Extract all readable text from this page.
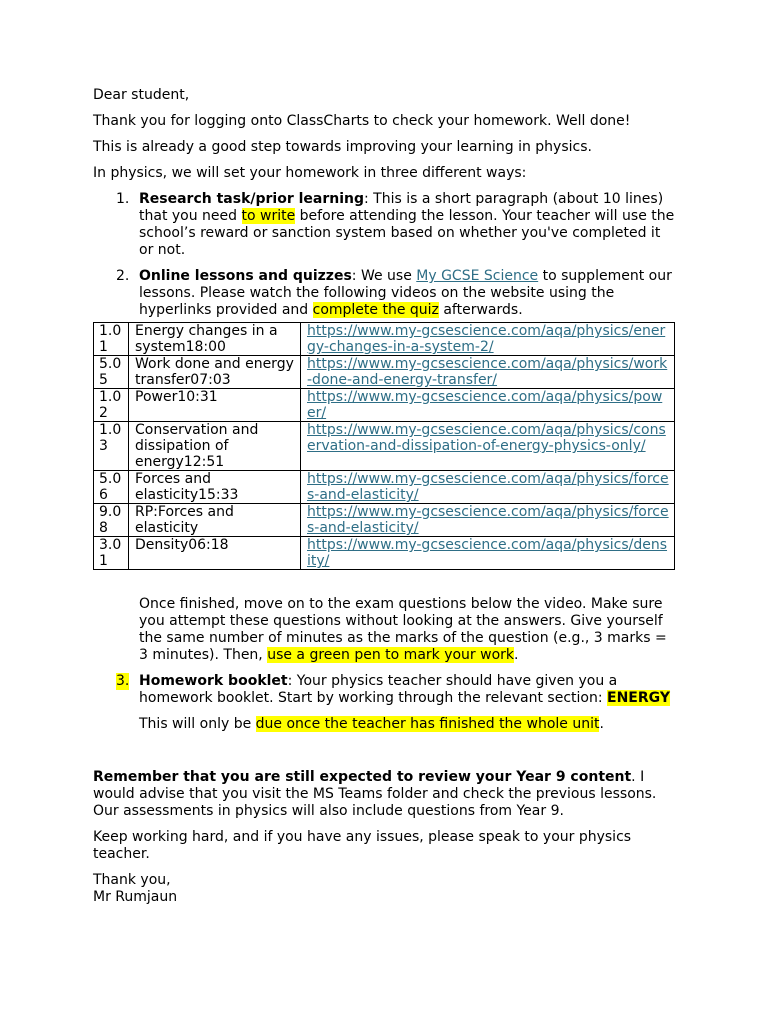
Dear student,

Thank you for logging onto ClassCharts to check your homework. Well done!

This is already a good step towards improving your learning in physics.

In physics, we will set your homework in three different ways:

1. Research task/prior learning: This is a short paragraph (about 10 lines) that you need to write before attending the lesson. Your teacher will use the school’s reward or sanction system based on whether you've completed it or not.
2. Online lessons and quizzes: We use My GCSE Science to supplement our lessons. Please watch the following videos on the website using the hyperlinks provided and complete the quiz afterwards.
1.01	Energy changes in a system18:00	https://www.my-gcsescience.com/aqa/physics/energy-changes-in-a-system-2/
5.05	Work done and energy transfer07:03	https://www.my-gcsescience.com/aqa/physics/work-done-and-energy-transfer/
1.02	Power10:31	https://www.my-gcsescience.com/aqa/physics/power/
1.03	Conservation and dissipation of energy12:51	https://www.my-gcsescience.com/aqa/physics/conservation-and-dissipation-of-energy-physics-only/
5.06	Forces and elasticity15:33	https://www.my-gcsescience.com/aqa/physics/forces-and-elasticity/
9.08	RP:Forces and elasticity	https://www.my-gcsescience.com/aqa/physics/forces-and-elasticity/
3.01	Density06:18	https://www.my-gcsescience.com/aqa/physics/density/

Once finished, move on to the exam questions below the video. Make sure you attempt these questions without looking at the answers. Give yourself the same number of minutes as the marks of the question (e.g., 3 marks = 3 minutes). Then, use a green pen to mark your work.

3. Homework booklet: Your physics teacher should have given you a homework booklet. Start by working through the relevant section: ENERGY
This will only be due once the teacher has finished the whole unit.

Remember that you are still expected to review your Year 9 content. I would advise that you visit the MS Teams folder and check the previous lessons. Our assessments in physics will also include questions from Year 9.

Keep working hard, and if you have any issues, please speak to your physics teacher.

Thank you,

Mr Rumjaun
